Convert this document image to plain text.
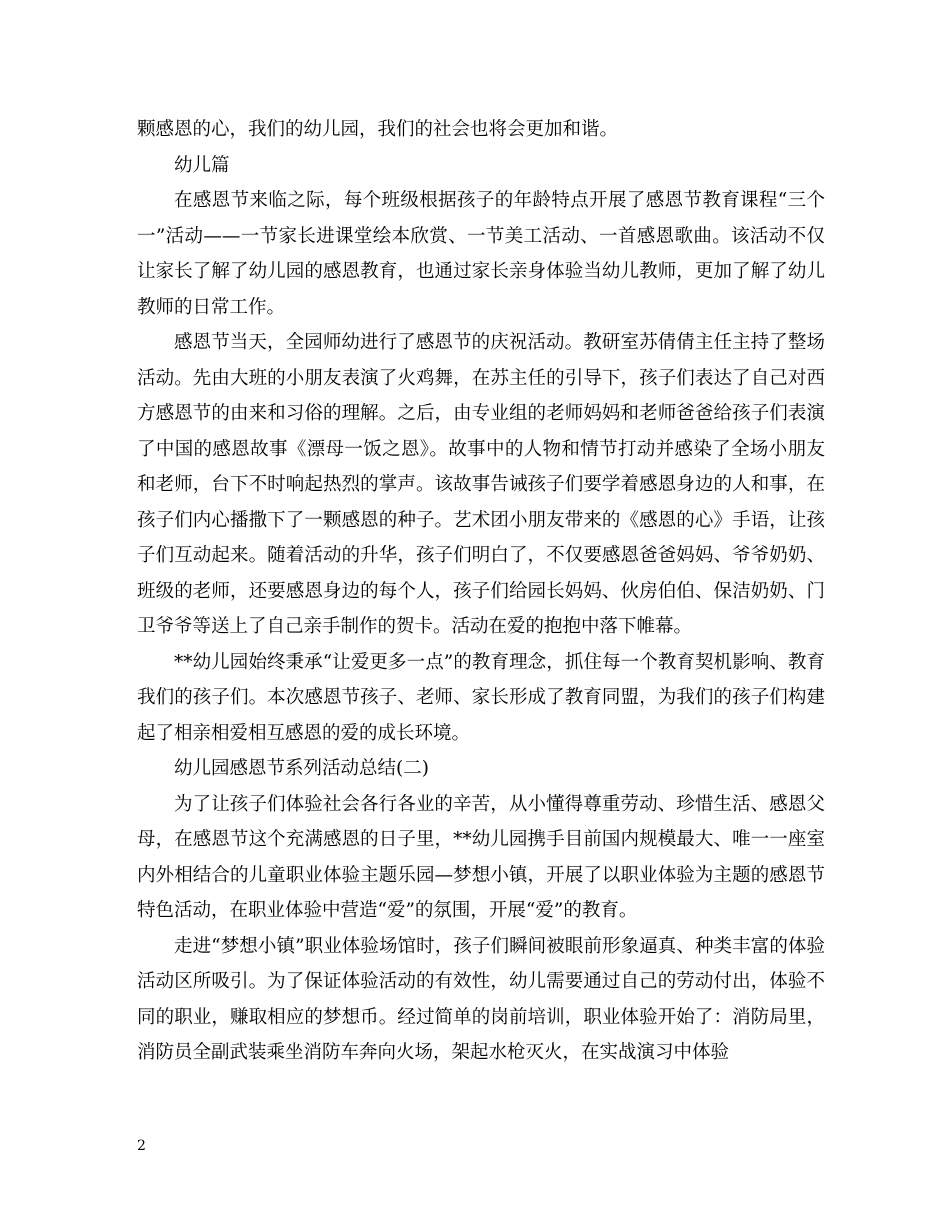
颗感恩的心，我们的幼儿园，我们的社会也将会更加和谐。

幼儿篇

在感恩节来临之际，每个班级根据孩子的年龄特点开展了感恩节教育课程“三个一”活动——一节家长进课堂绘本欣赏、一节美工活动、一首感恩歌曲。该活动不仅让家长了解了幼儿园的感恩教育，也通过家长亲身体验当幼儿教师，更加了解了幼儿教师的日常工作。

感恩节当天，全园师幼进行了感恩节的庆祝活动。教研室苏倩倩主任主持了整场活动。先由大班的小朋友表演了火鸡舞，在苏主任的引导下，孩子们表达了自己对西方感恩节的由来和习俗的理解。之后，由专业组的老师妈妈和老师爸爸给孩子们表演了中国的感恩故事《漂母一饭之恩》。故事中的人物和情节打动并感染了全场小朋友和老师，台下不时响起热烈的掌声。该故事告诫孩子们要学着感恩身边的人和事，在孩子们内心播撒下了一颗感恩的种子。艺术团小朋友带来的《感恩的心》手语，让孩子们互动起来。随着活动的升华，孩子们明白了，不仅要感恩爸爸妈妈、爷爷奶奶、班级的老师，还要感恩身边的每个人，孩子们给园长妈妈、伙房伯伯、保洁奶奶、门卫爷爷等送上了自己亲手制作的贺卡。活动在爱的抱抱中落下帷幕。

**幼儿园始终秉承“让爱更多一点”的教育理念，抓住每一个教育契机影响、教育我们的孩子们。本次感恩节孩子、老师、家长形成了教育同盟，为我们的孩子们构建起了相亲相爱相互感恩的爱的成长环境。

幼儿园感恩节系列活动总结(二)

为了让孩子们体验社会各行各业的辛苦，从小懂得尊重劳动、珍惜生活、感恩父母，在感恩节这个充满感恩的日子里，**幼儿园携手目前国内规模最大、唯一一座室内外相结合的儿童职业体验主题乐园—梦想小镇，开展了以职业体验为主题的感恩节特色活动，在职业体验中营造“爱”的氛围，开展“爱”的教育。

走进“梦想小镇”职业体验场馆时，孩子们瞬间被眼前形象逼真、种类丰富的体验活动区所吸引。为了保证体验活动的有效性，幼儿需要通过自己的劳动付出，体验不同的职业，赚取相应的梦想币。经过简单的岗前培训，职业体验开始了：消防局里，消防员全副武装乘坐消防车奔向火场，架起水枪灭火，在实战演习中体验

2
